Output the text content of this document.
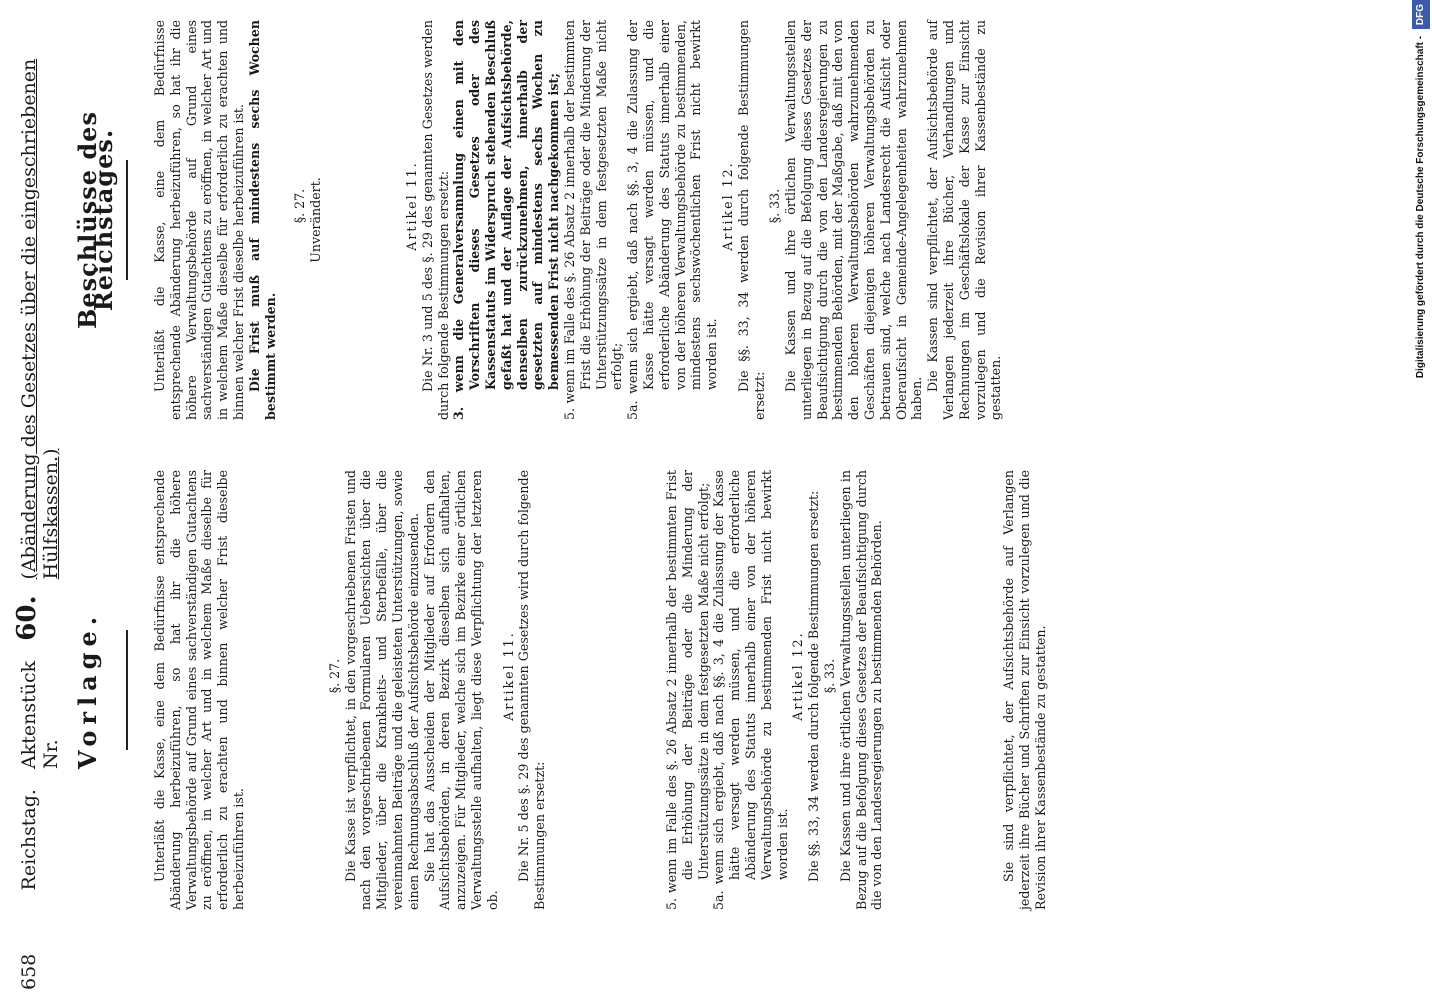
658
Reichstag.
Aktenstück Nr.
60.
(Abänderung des Gesetzes über die eingeschriebenen Hülfskassen.)
Vorlage.	Unterläßt die Kasse, eine dem Bedürfnisse entsprechende Abänderung herbeizuführen, so hat ihr die höhere Verwaltungsbehörde auf Grund eines sachverständigen Gutachtens zu eröffnen, in welcher Art und in welchem Maße dieselbe für erforderlich zu erachten und binnen welcher Frist dieselbe herbeizuführen ist.

§. 27. Die Kasse ist verpflichtet, in den vorgeschriebenen Fristen und nach den vorgeschriebenen Formularen Uebersichten über die Mitglieder, über die Krankheits- und Sterbefälle, über die vereinnahmten Beiträge und die geleisteten Unterstützungen, sowie einen Rechnungsabschluß der Aufsichtsbehörde einzusenden. Sie hat das Ausscheiden der Mitglieder auf Erfordern den Aufsichtsbehörden, in deren Bezirk dieselben sich aufhalten, anzuzeigen. Für Mitglieder, welche sich im Bezirke einer örtlichen Verwaltungsstelle aufhalten, liegt diese Verpflichtung der letzteren ob.

Artikel 11. Die Nr. 5 des §. 29 des genannten Gesetzes wird durch folgende Bestimmungen ersetzt:	5. wenn im Falle des §. 26 Absatz 2 innerhalb der bestimmten Frist die Erhöhung der Beiträge oder die Minderung der Unterstützungssätze in dem festgesetzten Maße nicht erfolgt; 5a. wenn sich ergiebt, daß nach §§. 3, 4 die Zulassung der Kasse hätte versagt werden müssen, und die erforderliche Abänderung des Statuts innerhalb einer von der höheren Verwaltungsbehörde zu bestimmenden Frist nicht bewirkt worden ist.

Artikel 12. Die §§. 33, 34 werden durch folgende Bestimmungen ersetzt: §. 33. Die Kassen und ihre örtlichen Verwaltungsstellen unterliegen in Bezug auf die Befolgung dieses Gesetzes der Beaufsichtigung durch die von den Landesregierungen zu bestimmenden Behörden.	Sie sind verpflichtet, der Aufsichtsbehörde auf Verlangen jederzeit ihre Bücher und Schriften zur Einsicht vorzulegen und die Revision ihrer Kassenbestände zu gestatten.

Beschlüsse des Reichstages.	Unterläßt die Kasse, eine dem Bedürfnisse entsprechende Abänderung herbeizuführen, so hat ihr die höhere Verwaltungsbehörde auf Grund eines sachverständigen Gutachtens zu eröffnen, in welcher Art und in welchem Maße dieselbe für erforderlich zu erachten und binnen welcher Frist dieselbe herbeizuführen ist. Die Frist muß auf mindestens sechs Wochen bestimmt werden.

§. 27. Unverändert.	Artikel 11. Die Nr. 3 und 5 des §. 29 des genannten Gesetzes werden durch folgende Bestimmungen ersetzt: 3. wenn die Generalversammlung einen mit den Vorschriften dieses Gesetzes oder des Kassenstatuts im Widerspruch stehenden Beschluß gefaßt hat und der Auflage der Aufsichtsbehörde, denselben zurückzunehmen, innerhalb der gesetzten auf mindestens sechs Wochen zu bemessenden Frist nicht nachgekommen ist; 5. wenn im Falle des §. 26 Absatz 2 innerhalb der bestimmten Frist die Erhöhung der Beiträge oder die Minderung der Unterstützungssätze in dem festgesetzten Maße nicht erfolgt; 5a. wenn sich ergiebt, daß nach §§. 3, 4 die Zulassung der Kasse hätte versagt werden müssen, und die erforderliche Abänderung des Statuts innerhalb einer von der höheren Verwaltungsbehörde zu bestimmenden, mindestens sechswöchentlichen Frist nicht bewirkt worden ist.

Artikel 12. Die §§. 33, 34 werden durch folgende Bestimmungen ersetzt:

§. 33. Die Kassen und ihre örtlichen Verwaltungsstellen unterliegen in Bezug auf die Befolgung dieses Gesetzes der Beaufsichtigung durch die von den Landesregierungen zu bestimmenden Behörden, mit der Maßgabe, daß mit den von den höheren Verwaltungsbehörden wahrzunehmenden Geschäften diejenigen höheren Verwaltungsbehörden zu betrauen sind, welche nach Landesrecht die Aufsicht oder Oberaufsicht in Gemeinde-Angelegenheiten wahrzunehmen haben.

Die Kassen sind verpflichtet, der Aufsichtsbehörde auf Verlangen jederzeit ihre Bücher, Verhandlungen und Rechnungen im Geschäftslokale der Kasse zur Einsicht vorzulegen und die Revision ihrer Kassenbestände zu gestatten.

Digitalisierung gefördert durch die Deutsche Forschungsgemeinschaft - DFG
